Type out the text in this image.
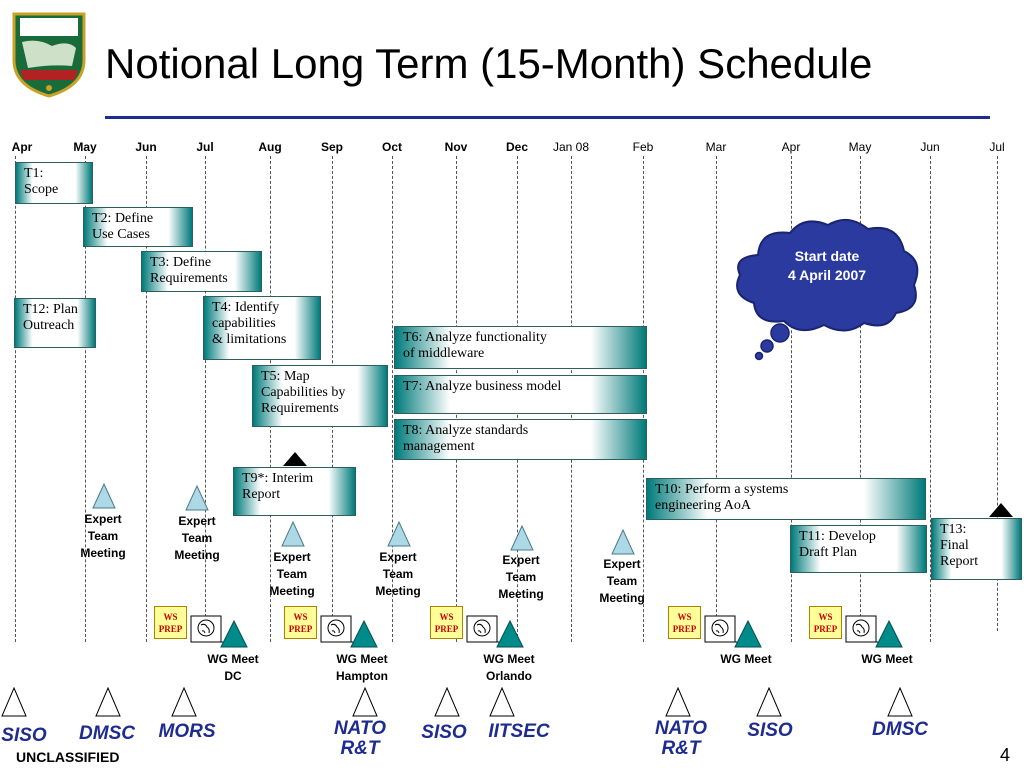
Notional Long Term (15-Month) Schedule
Apr	May	Jun	Jul	Aug	Sep	Oct	Nov	Dec Jan 08	Feb	Mar	Apr	May	Jun	Jul
T1:
Scope
T2: Define
Use Cases
T3: Define
Requirements
T12: Plan
Outreach
T4: Identify
capabilities
& limitations	T6: Analyze functionality
of middleware
T5: Map
Capabilities by
Requirements
T7: Analyze business model
T8: Analyze standards
management
T9*: Interim
Report	T10: Perform a systems
engineering AoA
T11: Develop
Draft Plan
T13:
Final
Report
Expert
Team
Meeting
Expert
Team
Meeting	Expert
Team
Meeting
Expert
Team
Meeting
Expert
Team
Meeting
Expert
Team
Meeting
WS
PREP
WS
PREP
WS
PREP
WS
PREP
WS
PREP
WG Meet
DC
WG Meet
Hampton
WG Meet
Orlando
WG Meet	WG Meet
SISO DMSC MORS	NATO
R&T
SISO IITSEC	NATO
R&T
SISO	DMSC
Start date
4 April 2007
UNCLASSIFIED	4
